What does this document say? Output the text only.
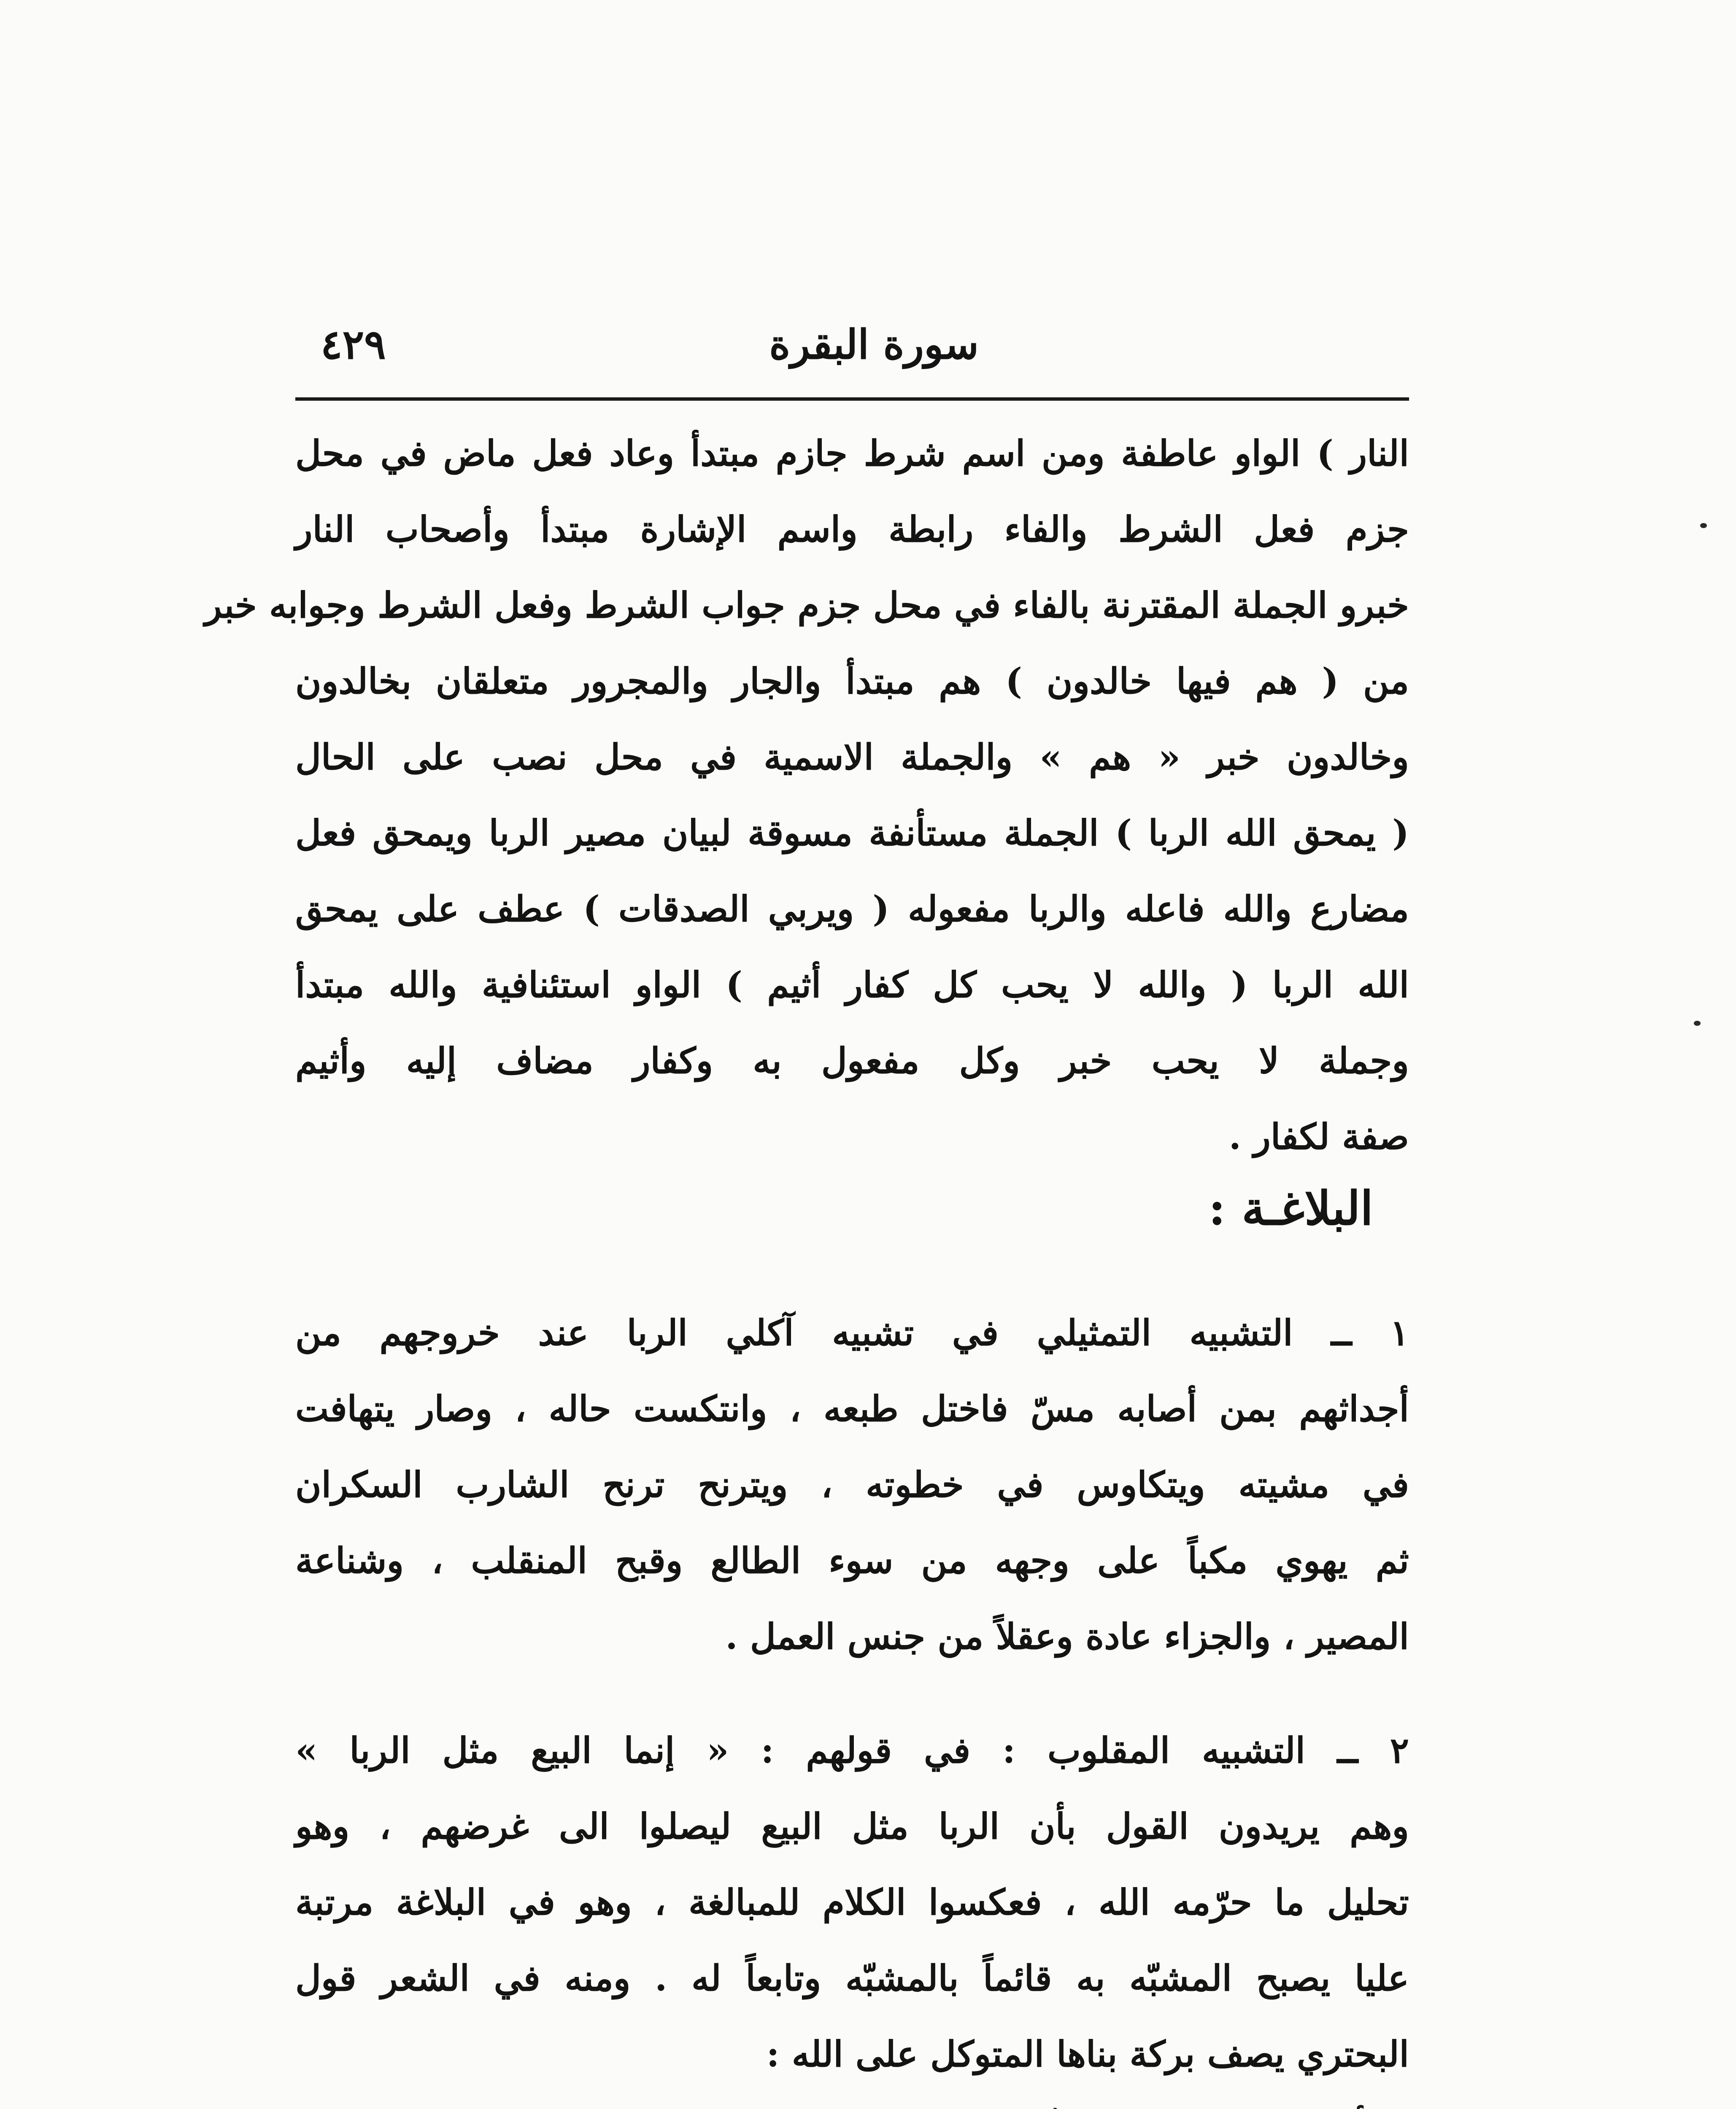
سورة البقرة
٤٢٩
النار ) الواو عاطفة ومن اسم شرط جازم مبتدأ وعاد فعل ماض في محل
جزم فعل الشرط والفاء رابطة واسم الإشارة مبتدأ وأصحاب النار
خبرو الجملة المقترنة بالفاء في محل جزم جواب الشرط وفعل الشرط وجوابه خبر
من ( هم فيها خالدون ) هم مبتدأ والجار والمجرور متعلقان بخالدون
وخالدون خبر « هم » والجملة الاسمية في محل نصب على الحال
( يمحق الله الربا ) الجملة مستأنفة مسوقة لبيان مصير الربا ويمحق فعل
مضارع والله فاعله والربا مفعوله ( ويربي الصدقات ) عطف على يمحق
الله الربا ( والله لا يحب كل كفار أثيم ) الواو استئنافية والله مبتدأ
وجملة لا يحب خبر وكل مفعول به وكفار مضاف إليه وأثيم
صفة لكفار .
البلاغـة :
١ ــ التشبيه التمثيلي في تشبيه آكلي الربا عند خروجهم من
أجداثهم بمن أصابه مسّ فاختل طبعه ، وانتكست حاله ، وصار يتهافت
في مشيته ويتكاوس في خطوته ، ويترنح ترنح الشارب السكران
ثم يهوي مكباً على وجهه من سوء الطالع وقبح المنقلب ، وشناعة
المصير ، والجزاء عادة وعقلاً من جنس العمل .
٢ ــ التشبيه المقلوب : في قولهم : « إنما البيع مثل الربا »
وهم يريدون القول بأن الربا مثل البيع ليصلوا الى غرضهم ، وهو
تحليل ما حرّمه الله ، فعكسوا الكلام للمبالغة ، وهو في البلاغة مرتبة
عليا يصبح المشبّه به قائماً بالمشبّه وتابعاً له . ومنه في الشعر قول
البحتري يصف بركة بناها المتوكل على الله :
